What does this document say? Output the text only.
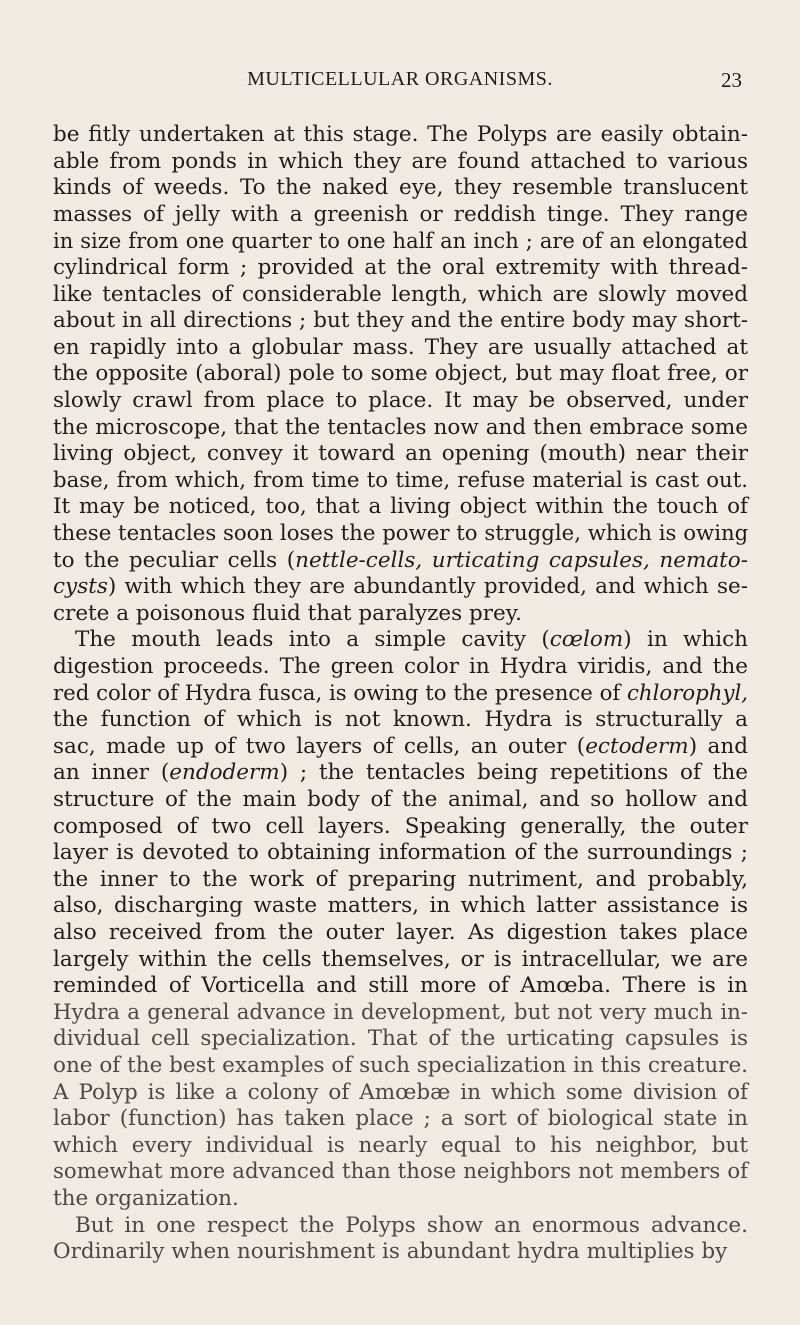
MULTICELLULAR ORGANISMS.	23
be fitly undertaken at this stage. The Polyps are easily obtain-
able from ponds in which they are found attached to various
kinds of weeds. To the naked eye, they resemble translucent
masses of jelly with a greenish or reddish tinge. They range
in size from one quarter to one half an inch ; are of an elongated
cylindrical form ; provided at the oral extremity with thread-
like tentacles of considerable length, which are slowly moved
about in all directions ; but they and the entire body may short-
en rapidly into a globular mass. They are usually attached at
the opposite (aboral) pole to some object, but may float free, or
slowly crawl from place to place. It may be observed, under
the microscope, that the tentacles now and then embrace some
living object, convey it toward an opening (mouth) near their
base, from which, from time to time, refuse material is cast out.
It may be noticed, too, that a living object within the touch of
these tentacles soon loses the power to struggle, which is owing
to the peculiar cells (nettle-cells, urticating capsules, nemato-
cysts) with which they are abundantly provided, and which se-
crete a poisonous fluid that paralyzes prey.
The mouth leads into a simple cavity (cœlom) in which
digestion proceeds. The green color in Hydra viridis, and the
red color of Hydra fusca, is owing to the presence of chlorophyl,
the function of which is not known. Hydra is structurally a
sac, made up of two layers of cells, an outer (ectoderm) and
an inner (endoderm) ; the tentacles being repetitions of the
structure of the main body of the animal, and so hollow and
composed of two cell layers. Speaking generally, the outer
layer is devoted to obtaining information of the surroundings ;
the inner to the work of preparing nutriment, and probably,
also, discharging waste matters, in which latter assistance is
also received from the outer layer. As digestion takes place
largely within the cells themselves, or is intracellular, we are
reminded of Vorticella and still more of Amœba. There is in
Hydra a general advance in development, but not very much in-
dividual cell specialization. That of the urticating capsules is
one of the best examples of such specialization in this creature.
A Polyp is like a colony of Amœbæ in which some division of
labor (function) has taken place ; a sort of biological state in
which every individual is nearly equal to his neighbor, but
somewhat more advanced than those neighbors not members of
the organization.
But in one respect the Polyps show an enormous advance.
Ordinarily when nourishment is abundant hydra multiplies by
